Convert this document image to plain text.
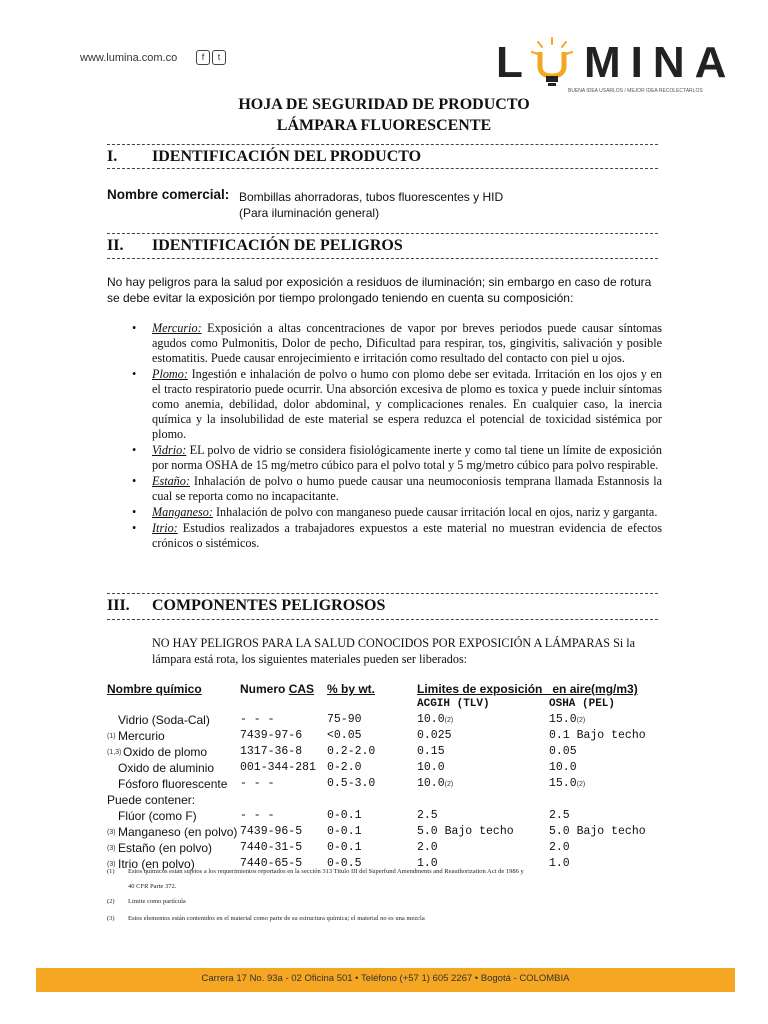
www.lumina.com.co	f	t	L MINA
BUENA IDEA USARLOS / MEJOR IDEA RECOLECTARLOS
HOJA DE SEGURIDAD DE PRODUCTO
LÁMPARA FLUORESCENTE
I. IDENTIFICACIÓN DEL PRODUCTO
Nombre comercial: Bombillas ahorradoras, tubos fluorescentes y HID
(Para iluminación general)
II. IDENTIFICACIÓN DE PELIGROS
No hay peligros para la salud por exposición a residuos de iluminación; sin embargo en caso de rotura
se debe evitar la exposición por tiempo prolongado teniendo en cuenta su composición:
• Mercurio: Exposición a altas concentraciones de vapor por breves periodos puede causar síntomas agudos como Pulmonitis, Dolor de pecho, Dificultad para respirar, tos, gingivitis, salivación y posible estomatitis. Puede causar enrojecimiento e irritación como resultado del contacto con piel u ojos.
• Plomo: Ingestión e inhalación de polvo o humo con plomo debe ser evitada. Irritación en los ojos y en el tracto respiratorio puede ocurrir. Una absorción excesiva de plomo es toxica y puede incluir síntomas como anemia, debilidad, dolor abdominal, y complicaciones renales. En cualquier caso, la inercia química y la insolubilidad de este material se espera reduzca el potencial de toxicidad sistémica por plomo.
• Vidrio: EL polvo de vidrio se considera fisiológicamente inerte y como tal tiene un límite de exposición por norma OSHA de 15 mg/metro cúbico para el polvo total y 5 mg/metro cúbico para polvo respirable.
• Estaño: Inhalación de polvo o humo puede causar una neumoconiosis temprana llamada Estannosis la cual se reporta como no incapacitante.
• Manganeso: Inhalación de polvo con manganeso puede causar irritación local en ojos, nariz y garganta.
• Itrio: Estudios realizados a trabajadores expuestos a este material no muestran evidencia de efectos crónicos o sistémicos.
III. COMPONENTES PELIGROSOS
NO HAY PELIGROS PARA LA SALUD CONOCIDOS POR EXPOSICIÓN A LÁMPARAS Si la
lámpara está rota, los siguientes materiales pueden ser liberados:
Nombre químico	Numero CAS % by wt.	Limites de exposición   en aire(mg/m3)
ACGIH (TLV)	OSHA (PEL)
Vidrio (Soda-Cal)	- - -	75-90	10.0(2)	15.0(2)
(1) Mercurio	7439-97-6 <0.05	0.025	0.1 Bajo techo
(1,3) Oxido de plomo	1317-36-8 0.2-2.0	0.15	0.05
Oxido de aluminio 001-344-281 0-2.0	10.0	10.0
Fósforo fluorescente - - -	0.5-3.0	10.0(2)	15.0(2)
Puede contener:
Flúor (como F)	- - -	0-0.1	2.5	2.5
(3) Manganeso (en polvo) 7439-96-5 0-0.1	5.0 Bajo techo	5.0 Bajo techo
(3) Estaño (en polvo) 7440-31-5 0-0.1	2.0	2.0
(3) Itrio (en polvo)	7440-65-5 0-0.5	1.0	1.0
(1) Estos químicos están sujetos a los requerimientos reportados en la sección 313 Titulo III del Superfund Amendments and Reauthorization Act de 1986 y
40 CFR Parte 372.
(2) Limite como partícula
(3) Estos elementos están contenidos en el material como parte de su estructura química; el material no es una mezcla
Carrera 17 No. 93a - 02 Oficina 501 • Teléfono (+57 1) 605 2267 • Bogotá - COLOMBIA
